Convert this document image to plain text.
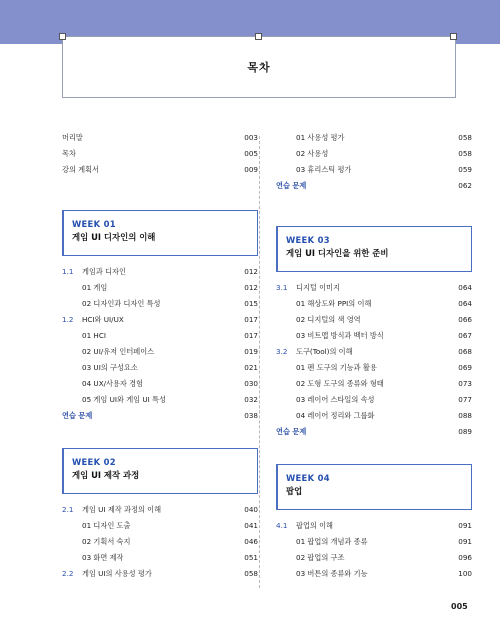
목차
머리말	003
목차	005
강의 계획서	009
WEEK 01
게임 UI 디자인의 이해
1.1 게임과 디자인	012
01 게임	012
02 디자인과 디자인 특성	015
1.2 HCI와 UI/UX	017
01 HCI	017
02 UI/유저 인터페이스	019
03 UI의 구성요소	021
04 UX/사용자 경험	030
05 게임 UI와 게임 UI 특성	032
연습 문제	038
WEEK 02
게임 UI 제작 과정
2.1 게임 UI 제작 과정의 이해	040
01 디자인 도출	041
02 기획서 숙지	046
03 화면 제작	051
2.2 게임 UI의 사용성 평가	058
01 사용성 평가	058
02 사용성	058
03 휴리스틱 평가	059
연습 문제	062
WEEK 03
게임 UI 디자인을 위한 준비
3.1 디지털 이미지	064
01 해상도와 PPI의 이해	064
02 디지털의 색 영역	066
03 비트맵 방식과 벡터 방식	067
3.2 도구(Tool)의 이해	068
01 펜 도구의 기능과 활용	069
02 도형 도구의 종류와 형태	073
03 레이어 스타일의 속성	077
04 레이어 정리와 그룹화	088
연습 문제	089
WEEK 04
팝업
4.1 팝업의 이해	091
01 팝업의 개념과 종류	091
02 팝업의 구조	096
03 버튼의 종류와 기능	100
005
